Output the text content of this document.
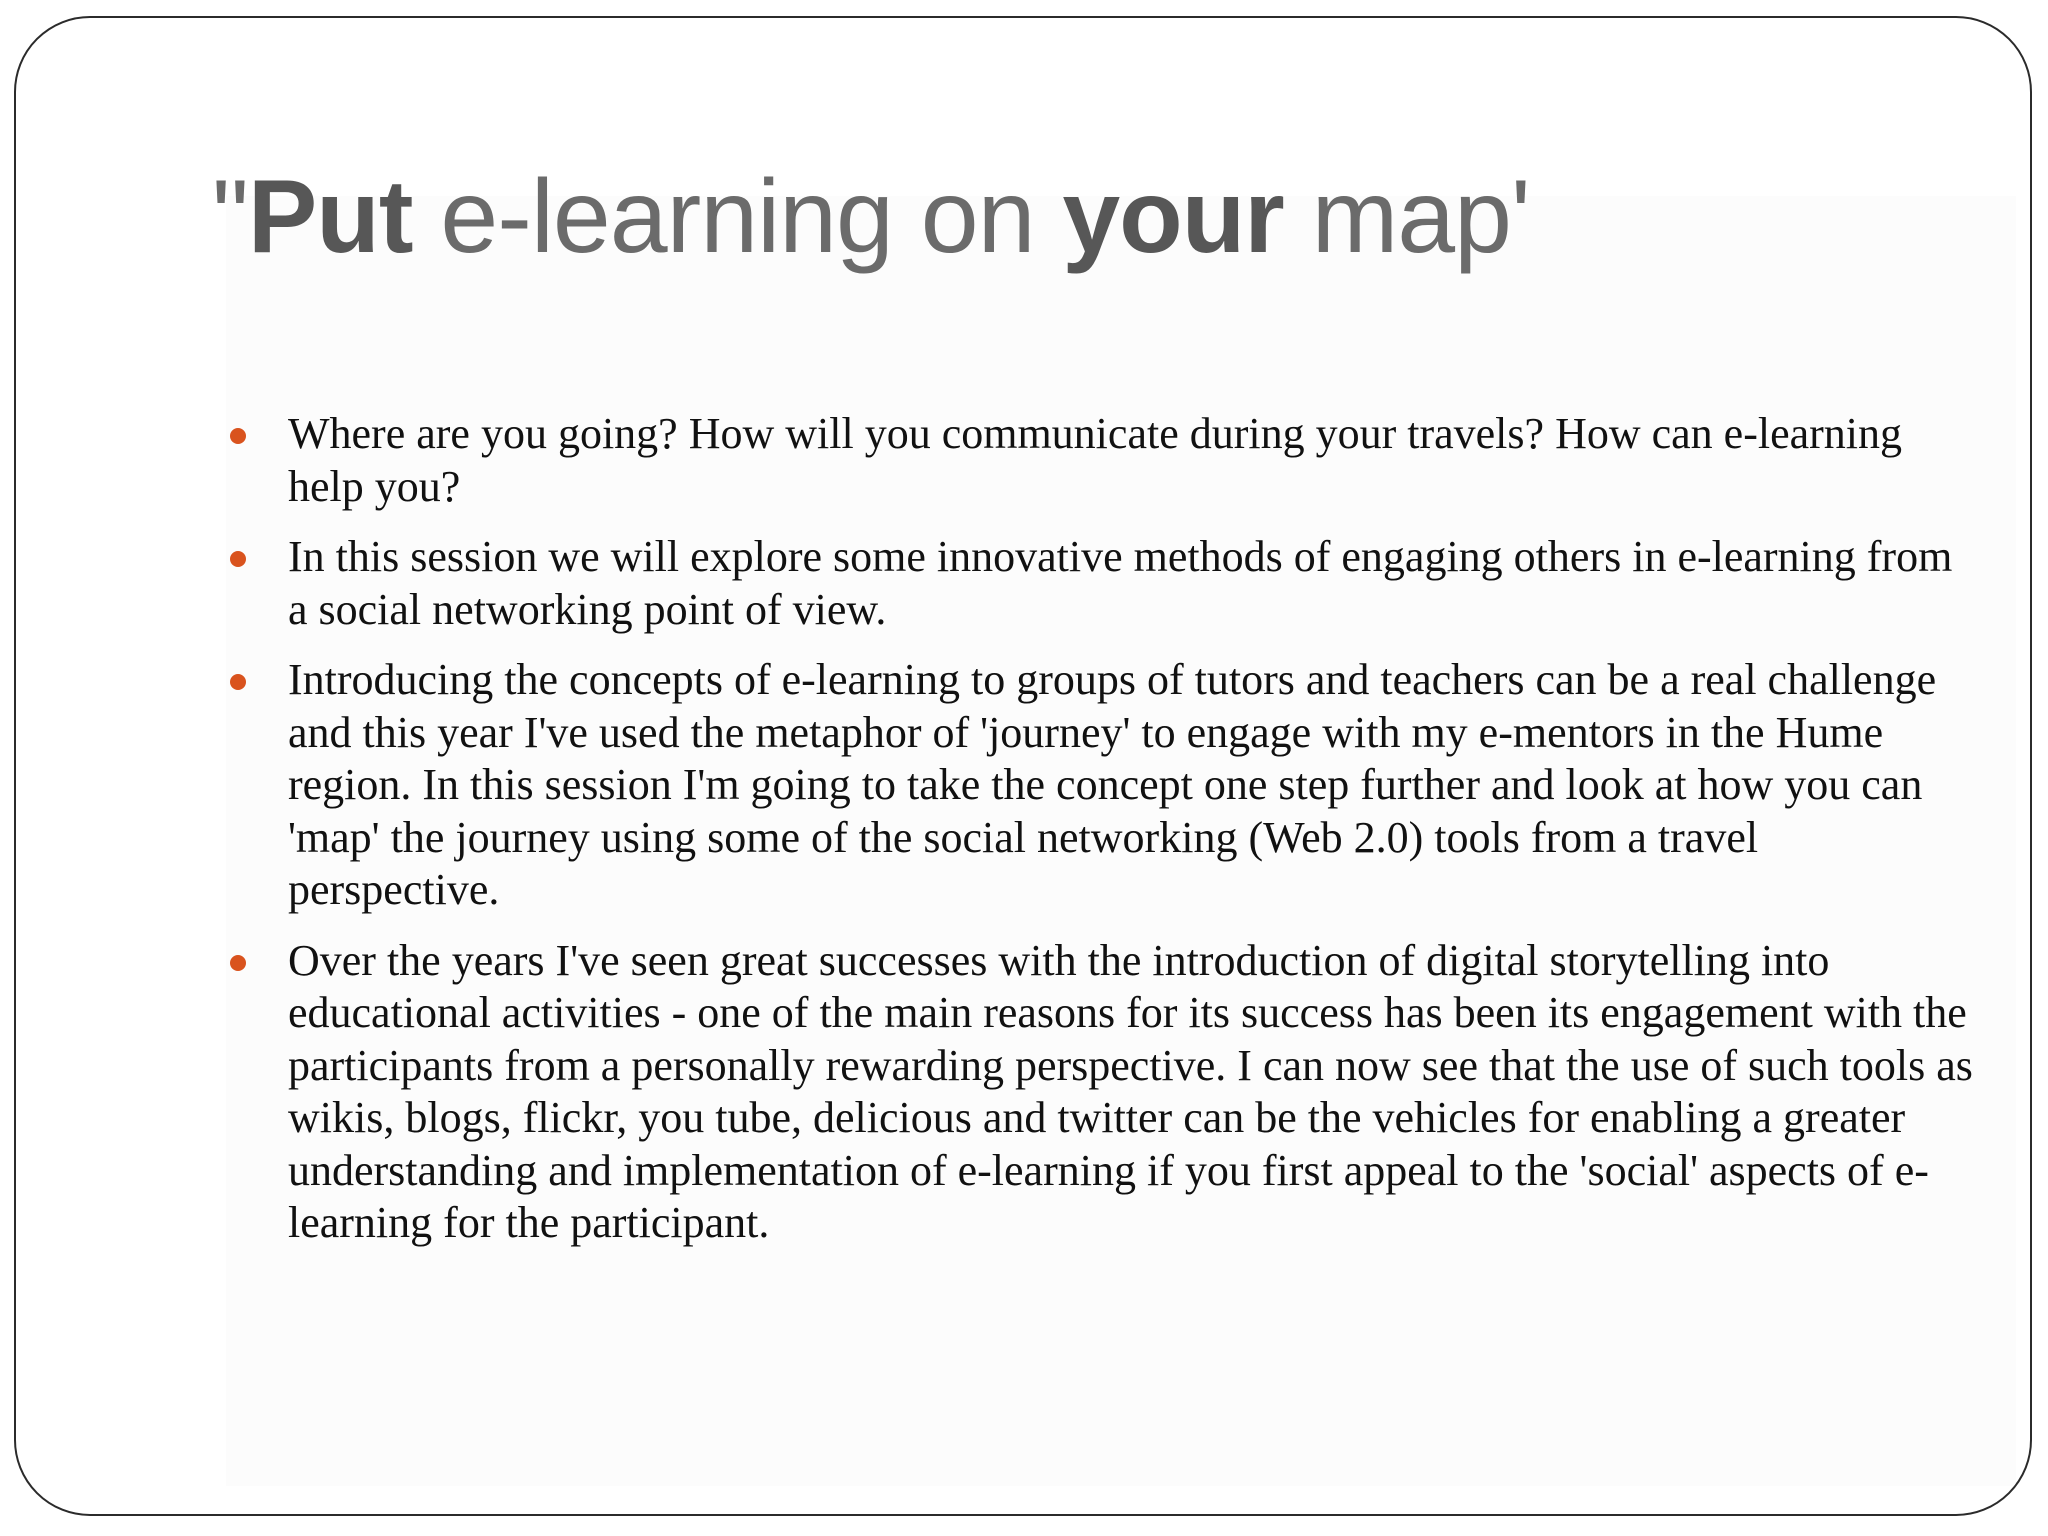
"Put e-learning on your map'
Where are you going? How will you communicate during your travels? How can e-learning help you?
In this session we will explore some innovative methods of engaging others in e-learning from a social networking point of view.
Introducing the concepts of e-learning to groups of tutors and teachers can be a real challenge and this year I've used the metaphor of 'journey' to engage with my e-mentors in the Hume region. In this session I'm going to take the concept one step further and look at how you can 'map' the journey using some of the social networking (Web 2.0) tools from a travel perspective.
Over the years I've seen great successes with the introduction of digital storytelling into educational activities - one of the main reasons for its success has been its engagement with the participants from a personally rewarding perspective. I can now see that the use of such tools as wikis, blogs, flickr, you tube, delicious and twitter can be the vehicles for enabling a greater understanding and implementation of e-learning if you first appeal to the 'social' aspects of e-learning for the participant.
